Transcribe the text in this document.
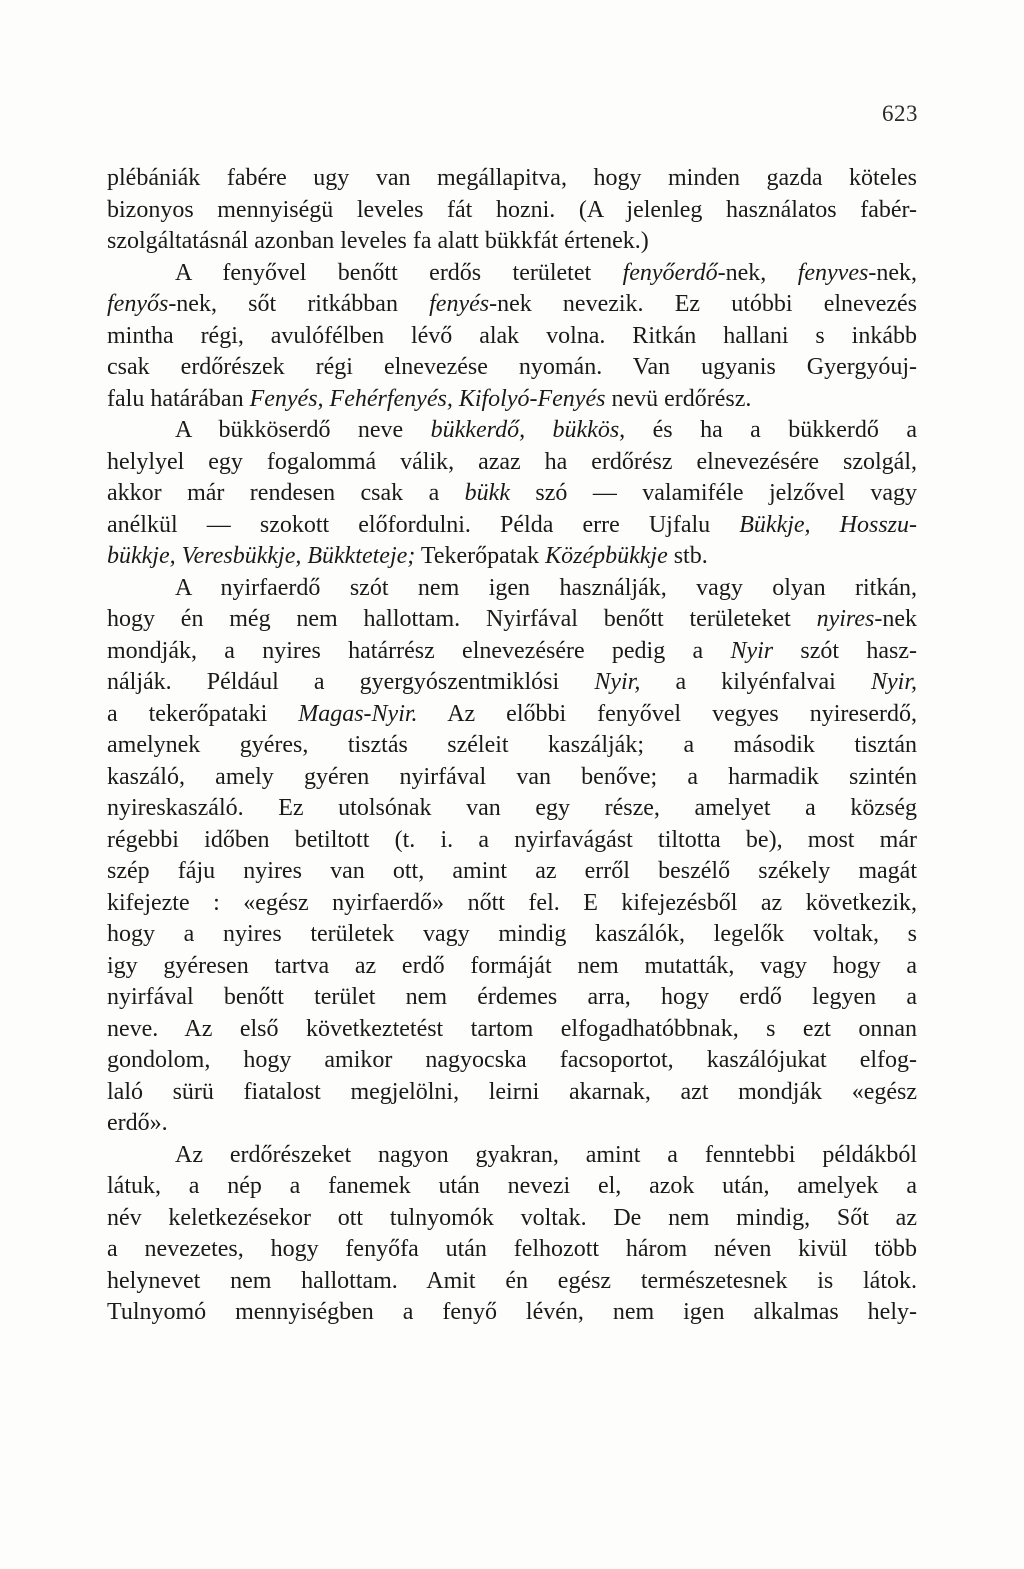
623
plébániák fabére ugy van megállapitva, hogy minden gazda köteles
bizonyos mennyiségü leveles fát hozni. (A jelenleg használatos fabér-
szolgáltatásnál azonban leveles fa alatt bükkfát értenek.)
A fenyővel benőtt erdős területet fenyőerdő-nek, fenyves-nek,
fenyős-nek, sőt ritkábban fenyés-nek nevezik. Ez utóbbi elnevezés
mintha régi, avulófélben lévő alak volna. Ritkán hallani s inkább
csak erdőrészek régi elnevezése nyomán. Van ugyanis Gyergyóuj-
falu határában Fenyés, Fehérfenyés, Kifolyó-Fenyés nevü erdőrész.
A bükköserdő neve bükkerdő, bükkös, és ha a bükkerdő a
helylyel egy fogalommá válik, azaz ha erdőrész elnevezésére szolgál,
akkor már rendesen csak a bükk szó — valamiféle jelzővel vagy
anélkül — szokott előfordulni. Példa erre Ujfalu Bükkje, Hosszu-
bükkje, Veresbükkje, Bükkteteje; Tekerőpatak Középbükkje stb.
A nyirfaerdő szót nem igen használják, vagy olyan ritkán,
hogy én még nem hallottam. Nyirfával benőtt területeket nyires-nek
mondják, a nyires határrész elnevezésére pedig a Nyir szót hasz-
nálják. Például a gyergyószentmiklósi Nyir, a kilyénfalvai Nyir,
a tekerőpataki Magas-Nyir. Az előbbi fenyővel vegyes nyireserdő,
amelynek gyéres, tisztás széleit kaszálják; a második tisztán
kaszáló, amely gyéren nyirfával van benőve; a harmadik szintén
nyireskaszáló. Ez utolsónak van egy része, amelyet a község
régebbi időben betiltott (t. i. a nyirfavágást tiltotta be), most már
szép fáju nyires van ott, amint az erről beszélő székely magát
kifejezte : «egész nyirfaerdő» nőtt fel. E kifejezésből az következik,
hogy a nyires területek vagy mindig kaszálók, legelők voltak, s
igy gyéresen tartva az erdő formáját nem mutatták, vagy hogy a
nyirfával benőtt terület nem érdemes arra, hogy erdő legyen a
neve. Az első következtetést tartom elfogadhatóbbnak, s ezt onnan
gondolom, hogy amikor nagyocska facsoportot, kaszálójukat elfog-
laló sürü fiatalost megjelölni, leirni akarnak, azt mondják «egész
erdő».
Az erdőrészeket nagyon gyakran, amint a fenntebbi példákból
látuk, a nép a fanemek után nevezi el, azok után, amelyek a
név keletkezésekor ott tulnyomók voltak. De nem mindig, Sőt az
a nevezetes, hogy fenyőfa után felhozott három néven kivül több
helynevet nem hallottam. Amit én egész természetesnek is látok.
Tulnyomó mennyiségben a fenyő lévén, nem igen alkalmas hely-
